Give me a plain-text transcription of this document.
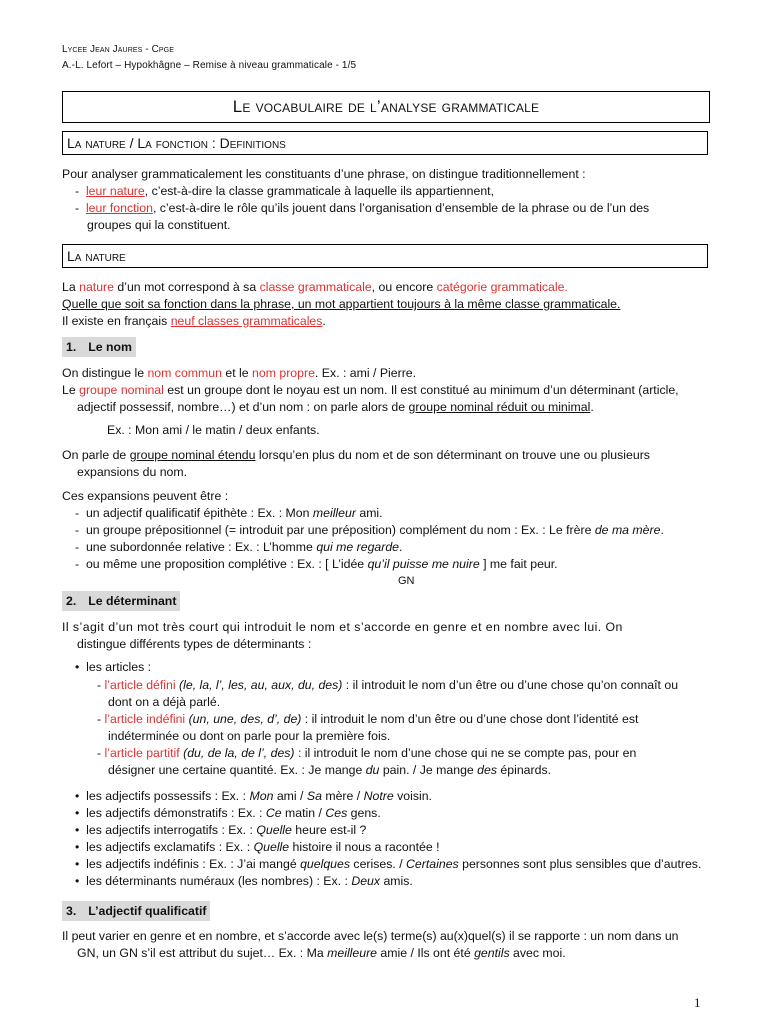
Lycee Jean Jaures - Cpge
A.-L. Lefort – Hypokhâgne – Remise à niveau grammaticale - 1/5
Le vocabulaire de l’analyse grammaticale
La nature / La fonction : Definitions
Pour analyser grammaticalement les constituants d’une phrase, on distingue traditionnellement :
-  leur nature, c’est-à-dire la classe grammaticale à laquelle ils appartiennent,
-  leur fonction, c’est-à-dire le rôle qu’ils jouent dans l’organisation d’ensemble de la phrase ou de l’un des
groupes qui la constituent.
La nature
La nature d’un mot correspond à sa classe grammaticale, ou encore catégorie grammaticale.
Quelle que soit sa fonction dans la phrase, un mot appartient toujours à la même classe grammaticale.
Il existe en français neuf classes grammaticales.
1. Le nom
On distingue le nom commun et le nom propre. Ex. : ami / Pierre.
Le groupe nominal est un groupe dont le noyau est un nom. Il est constitué au minimum d’un déterminant (article,
adjectif possessif, nombre…) et d’un nom : on parle alors de groupe nominal réduit ou minimal.
Ex. : Mon ami / le matin / deux enfants.
On parle de groupe nominal étendu lorsqu’en plus du nom et de son déterminant on trouve une ou plusieurs
expansions du nom.
Ces expansions peuvent être :
-  un adjectif qualificatif épithète : Ex. : Mon meilleur ami.
-  un groupe prépositionnel (= introduit par une préposition) complément du nom : Ex. : Le frère de ma mère.
-  une subordonnée relative : Ex. : L’homme qui me regarde.
-  ou même une proposition complétive : Ex. : [ L’idée qu’il puisse me nuire ] me fait peur.
GN
2. Le déterminant
Il s’agit d’un mot très court qui introduit le nom et s’accorde en genre et en nombre avec lui. On
distingue différents types de déterminants :
•  les articles :
- l’article défini (le, la, l’, les, au, aux, du, des) : il introduit le nom d’un être ou d’une chose qu’on connaît ou
dont on a déjà parlé.
- l’article indéfini (un, une, des, d’, de) : il introduit le nom d’un être ou d’une chose dont l’identité est
indéterminée ou dont on parle pour la première fois.
- l’article partitif (du, de la, de l’, des) : il introduit le nom d’une chose qui ne se compte pas, pour en
désigner une certaine quantité. Ex. : Je mange du pain. / Je mange des épinards.
•  les adjectifs possessifs : Ex. : Mon ami / Sa mère / Notre voisin.
•  les adjectifs démonstratifs : Ex. : Ce matin / Ces gens.
•  les adjectifs interrogatifs : Ex. : Quelle heure est-il ?
•  les adjectifs exclamatifs : Ex. : Quelle histoire il nous a racontée !
•  les adjectifs indéfinis : Ex. : J’ai mangé quelques cerises. / Certaines personnes sont plus sensibles que d’autres.
•  les déterminants numéraux (les nombres) : Ex. : Deux amis.
3. L’adjectif qualificatif
Il peut varier en genre et en nombre, et s’accorde avec le(s) terme(s) au(x)quel(s) il se rapporte : un nom dans un
GN, un GN s’il est attribut du sujet… Ex. : Ma meilleure amie / Ils ont été gentils avec moi.
1
